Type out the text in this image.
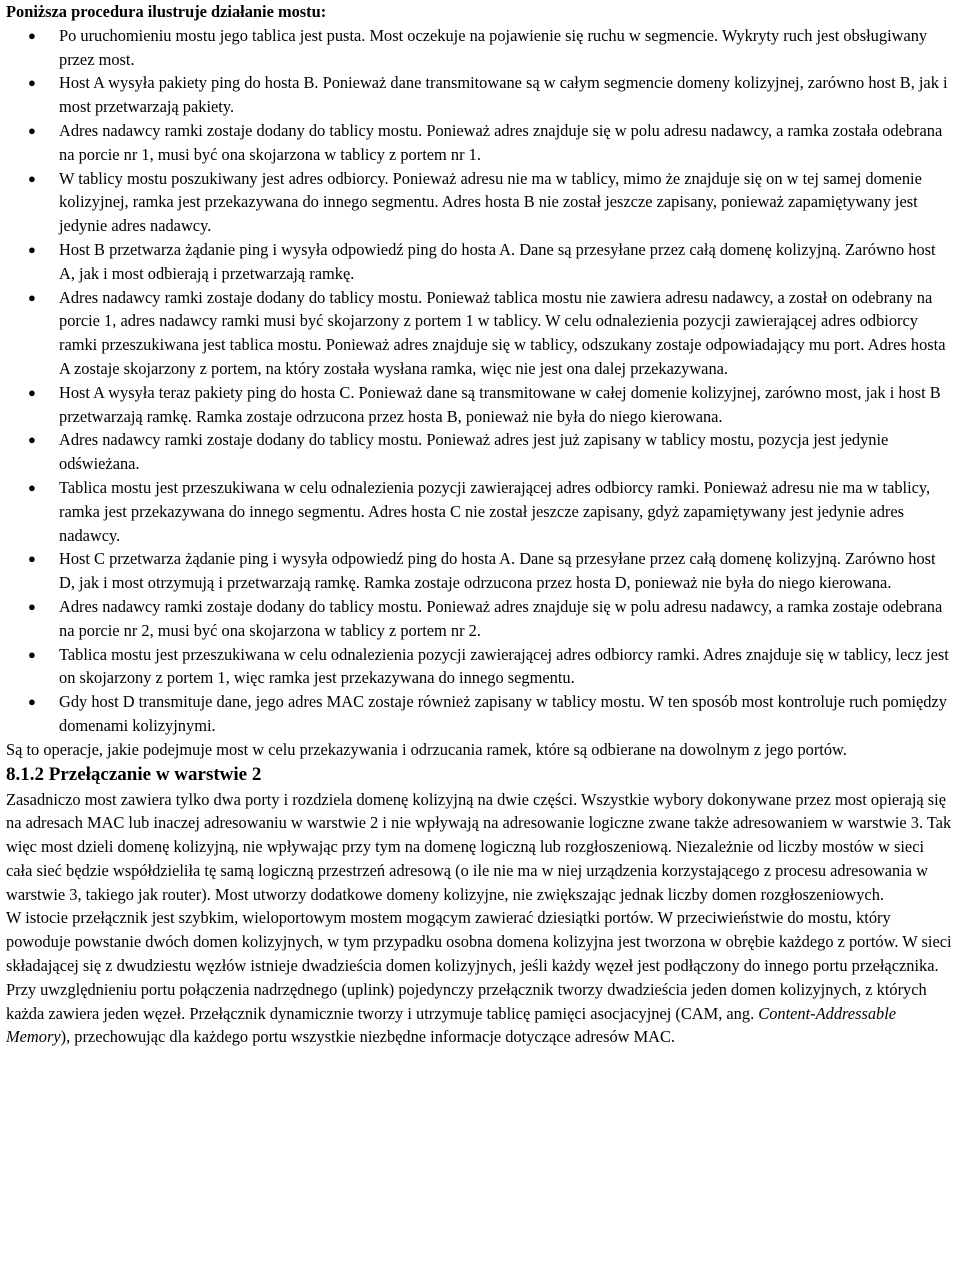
Poniższa procedura ilustruje działanie mostu:

● Po uruchomieniu mostu jego tablica jest pusta. Most oczekuje na pojawienie się ruchu w segmencie. Wykryty ruch jest obsługiwany przez most.
● Host A wysyła pakiety ping do hosta B. Ponieważ dane transmitowane są w całym segmencie domeny kolizyjnej, zarówno host B, jak i most przetwarzają pakiety.
● Adres nadawcy ramki zostaje dodany do tablicy mostu. Ponieważ adres znajduje się w polu adresu nadawcy, a ramka została odebrana na porcie nr 1, musi być ona skojarzona w tablicy z portem nr 1.
● W tablicy mostu poszukiwany jest adres odbiorcy. Ponieważ adresu nie ma w tablicy, mimo że znajduje się on w tej samej domenie kolizyjnej, ramka jest przekazywana do innego segmentu. Adres hosta B nie został jeszcze zapisany, ponieważ zapamiętywany jest jedynie adres nadawcy.
● Host B przetwarza żądanie ping i wysyła odpowiedź ping do hosta A. Dane są przesyłane przez całą domenę kolizyjną. Zarówno host A, jak i most odbierają i przetwarzają ramkę.
● Adres nadawcy ramki zostaje dodany do tablicy mostu. Ponieważ tablica mostu nie zawiera adresu nadawcy, a został on odebrany na porcie 1, adres nadawcy ramki musi być skojarzony z portem 1 w tablicy. W celu odnalezienia pozycji zawierającej adres odbiorcy ramki przeszukiwana jest tablica mostu. Ponieważ adres znajduje się w tablicy, odszukany zostaje odpowiadający mu port. Adres hosta A zostaje skojarzony z portem, na który została wysłana ramka, więc nie jest ona dalej przekazywana.
● Host A wysyła teraz pakiety ping do hosta C. Ponieważ dane są transmitowane w całej domenie kolizyjnej, zarówno most, jak i host B przetwarzają ramkę. Ramka zostaje odrzucona przez hosta B, ponieważ nie była do niego kierowana.
● Adres nadawcy ramki zostaje dodany do tablicy mostu. Ponieważ adres jest już zapisany w tablicy mostu, pozycja jest jedynie odświeżana.
● Tablica mostu jest przeszukiwana w celu odnalezienia pozycji zawierającej adres odbiorcy ramki. Ponieważ adresu nie ma w tablicy, ramka jest przekazywana do innego segmentu. Adres hosta C nie został jeszcze zapisany, gdyż zapamiętywany jest jedynie adres nadawcy.
● Host C przetwarza żądanie ping i wysyła odpowiedź ping do hosta A. Dane są przesyłane przez całą domenę kolizyjną. Zarówno host D, jak i most otrzymują i przetwarzają ramkę. Ramka zostaje odrzucona przez hosta D, ponieważ nie była do niego kierowana.
● Adres nadawcy ramki zostaje dodany do tablicy mostu. Ponieważ adres znajduje się w polu adresu nadawcy, a ramka zostaje odebrana na porcie nr 2, musi być ona skojarzona w tablicy z portem nr 2.
● Tablica mostu jest przeszukiwana w celu odnalezienia pozycji zawierającej adres odbiorcy ramki. Adres znajduje się w tablicy, lecz jest on skojarzony z portem 1, więc ramka jest przekazywana do innego segmentu.
● Gdy host D transmituje dane, jego adres MAC zostaje również zapisany w tablicy mostu. W ten sposób most kontroluje ruch pomiędzy domenami kolizyjnymi.

Są to operacje, jakie podejmuje most w celu przekazywania i odrzucania ramek, które są odbierane na dowolnym z jego portów.

8.1.2 Przełączanie w warstwie 2

Zasadniczo most zawiera tylko dwa porty i rozdziela domenę kolizyjną na dwie części. Wszystkie wybory dokonywane przez most opierają się na adresach MAC lub inaczej adresowaniu w warstwie 2 i nie wpływają na adresowanie logiczne zwane także adresowaniem w warstwie 3. Tak więc most dzieli domenę kolizyjną, nie wpływając przy tym na domenę logiczną lub rozgłoszeniową. Niezależnie od liczby mostów w sieci cała sieć będzie współdzieliła tę samą logiczną przestrzeń adresową (o ile nie ma w niej urządzenia korzystającego z procesu adresowania w warstwie 3, takiego jak router). Most utworzy dodatkowe domeny kolizyjne, nie zwiększając jednak liczby domen rozgłoszeniowych.

W istocie przełącznik jest szybkim, wieloportowym mostem mogącym zawierać dziesiątki portów. W przeciwieństwie do mostu, który powoduje powstanie dwóch domen kolizyjnych, w tym przypadku osobna domena kolizyjna jest tworzona w obrębie każdego z portów. W sieci składającej się z dwudziestu węzłów istnieje dwadzieścia domen kolizyjnych, jeśli każdy węzeł jest podłączony do innego portu przełącznika. Przy uwzględnieniu portu połączenia nadrzędnego (uplink) pojedynczy przełącznik tworzy dwadzieścia jeden domen kolizyjnych, z których każda zawiera jeden węzeł. Przełącznik dynamicznie tworzy i utrzymuje tablicę pamięci asocjacyjnej (CAM, ang. Content-Addressable Memory), przechowując dla każdego portu wszystkie niezbędne informacje dotyczące adresów MAC.
